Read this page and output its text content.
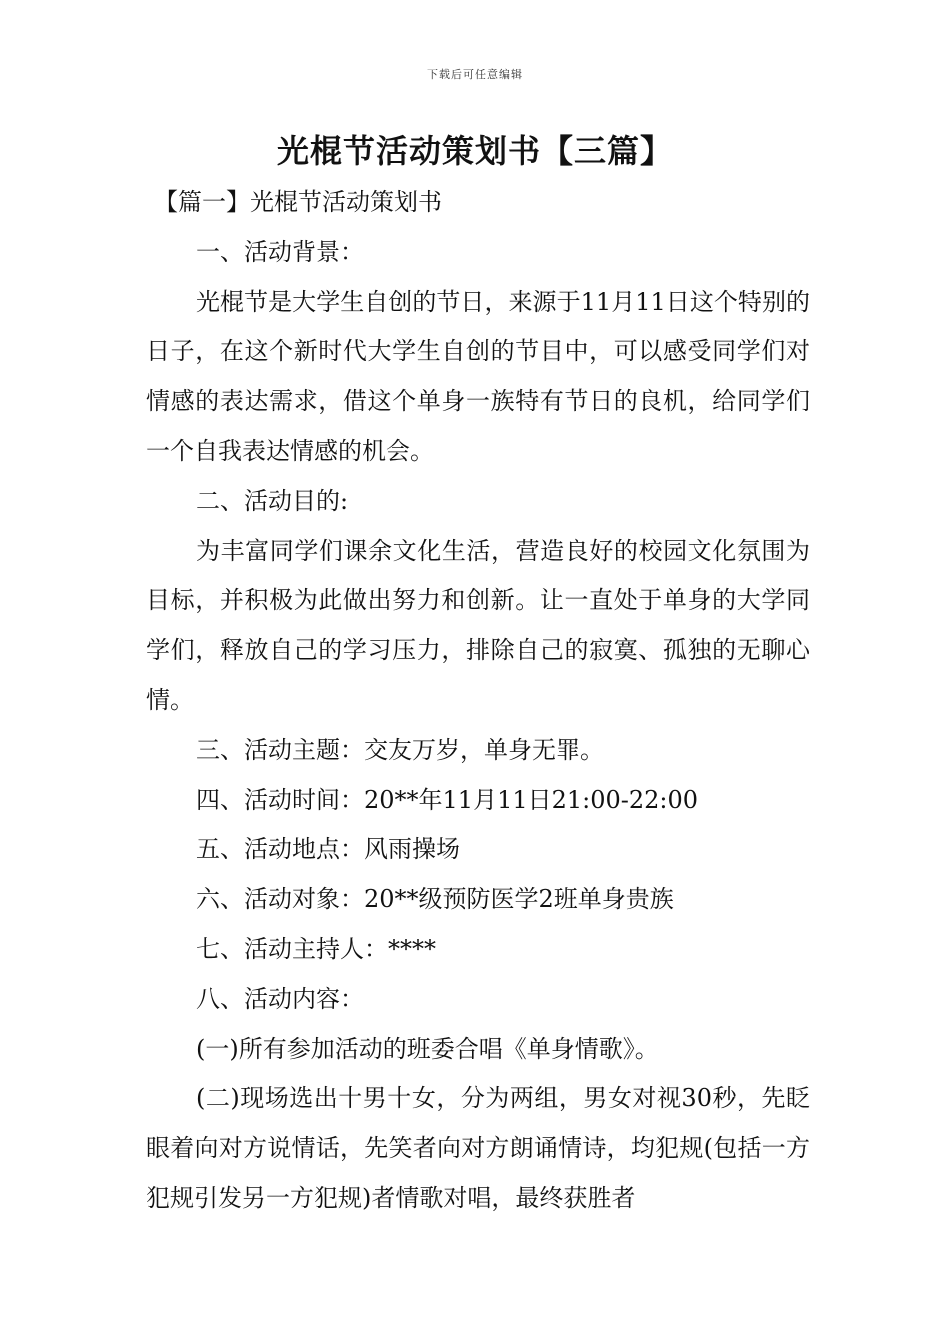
下载后可任意编辑
光棍节活动策划书【三篇】

【篇一】光棍节活动策划书

一、活动背景：

光棍节是大学生自创的节日，来源于11月11日这个特别的日子，在这个新时代大学生自创的节目中，可以感受同学们对情感的表达需求，借这个单身一族特有节日的良机，给同学们一个自我表达情感的机会。

二、活动目的:

为丰富同学们课余文化生活，营造良好的校园文化氛围为目标，并积极为此做出努力和创新。让一直处于单身的大学同学们，释放自己的学习压力，排除自己的寂寞、孤独的无聊心情。

三、活动主题：交友万岁，单身无罪。

四、活动时间：20**年11月11日21:00-22:00

五、活动地点：风雨操场

六、活动对象：20**级预防医学2班单身贵族

七、活动主持人：****

八、活动内容：

(一)所有参加活动的班委合唱《单身情歌》。

(二)现场选出十男十女，分为两组，男女对视30秒，先眨眼着向对方说情话，先笑者向对方朗诵情诗，均犯规(包括一方犯规引发另一方犯规)者情歌对唱，最终获胜者
